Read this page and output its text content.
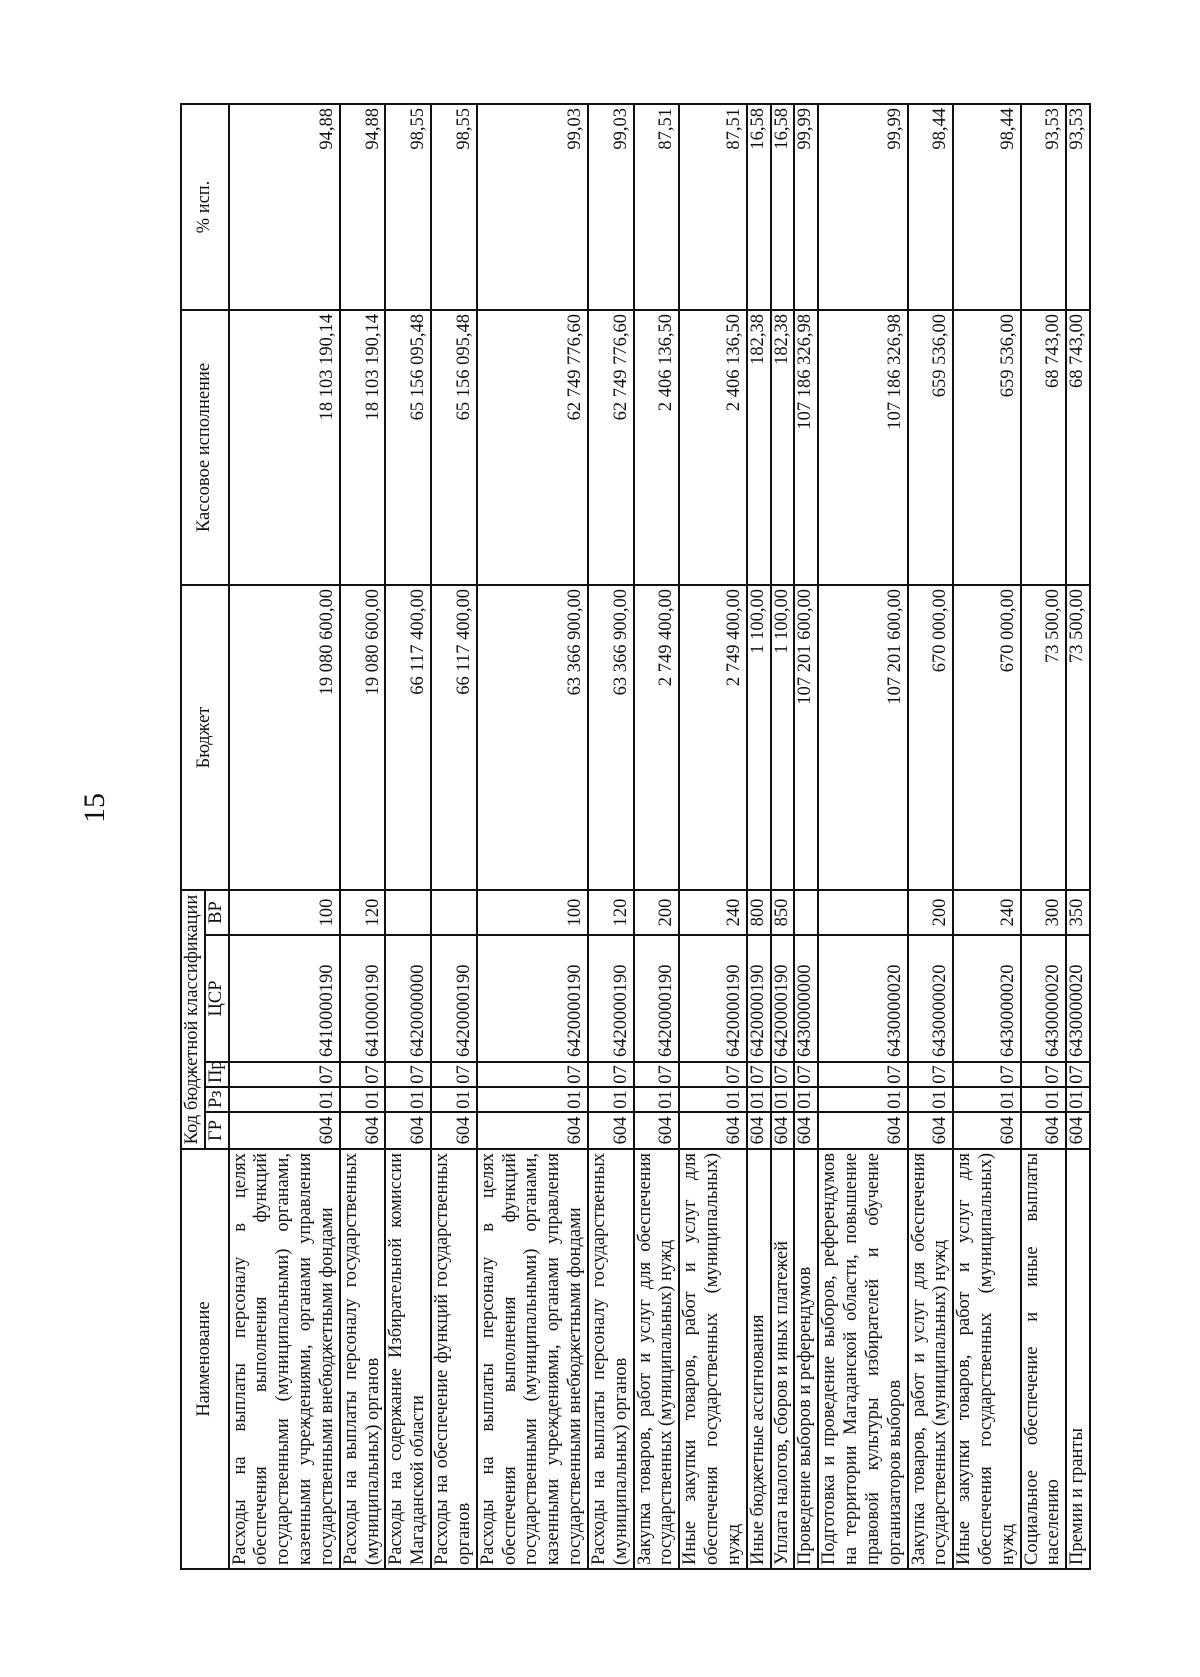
15
Наименование	Код бюджетной классификации					Бюджет	Кассовое исполнение	% исп.
	ГР	Рз	Пр	ЦСР	ВР			
Расходы на выплаты персоналу в целях обеспечения выполнения функций государственными (муниципальными) органами, казенными учреждениями, органами управления государственными внебюджетными фондами	604	01	07	6410000190	100	19 080 600,00	18 103 190,14	94,88
Расходы на выплаты персоналу государственных (муниципальных) органов	604	01	07	6410000190	120	19 080 600,00	18 103 190,14	94,88
Расходы на содержание Избирательной комиссии Магаданской области	604	01	07	6420000000		66 117 400,00	65 156 095,48	98,55
Расходы на обеспечение функций государственных органов	604	01	07	6420000190		66 117 400,00	65 156 095,48	98,55
Расходы на выплаты персоналу в целях обеспечения выполнения функций государственными (муниципальными) органами, казенными учреждениями, органами управления государственными внебюджетными фондами	604	01	07	6420000190	100	63 366 900,00	62 749 776,60	99,03
Расходы на выплаты персоналу государственных (муниципальных) органов	604	01	07	6420000190	120	63 366 900,00	62 749 776,60	99,03
Закупка товаров, работ и услуг для обеспечения государственных (муниципальных) нужд	604	01	07	6420000190	200	2 749 400,00	2 406 136,50	87,51
Иные закупки товаров, работ и услуг для обеспечения государственных (муниципальных) нужд	604	01	07	6420000190	240	2 749 400,00	2 406 136,50	87,51
Иные бюджетные ассигнования	604	01	07	6420000190	800	1 100,00	182,38	16,58
Уплата налогов, сборов и иных платежей	604	01	07	6420000190	850	1 100,00	182,38	16,58
Проведение выборов и референдумов	604	01	07	6430000000		107 201 600,00	107 186 326,98	99,99
Подготовка и проведение выборов, референдумов на территории Магаданской области, повышение правовой культуры избирателей и обучение организаторов выборов	604	01	07	6430000020		107 201 600,00	107 186 326,98	99,99
Закупка товаров, работ и услуг для обеспечения государственных (муниципальных) нужд	604	01	07	6430000020	200	670 000,00	659 536,00	98,44
Иные закупки товаров, работ и услуг для обеспечения государственных (муниципальных) нужд	604	01	07	6430000020	240	670 000,00	659 536,00	98,44
Социальное обеспечение и иные выплаты населению	604	01	07	6430000020	300	73 500,00	68 743,00	93,53
Премии и гранты	604	01	07	6430000020	350	73 500,00	68 743,00	93,53
